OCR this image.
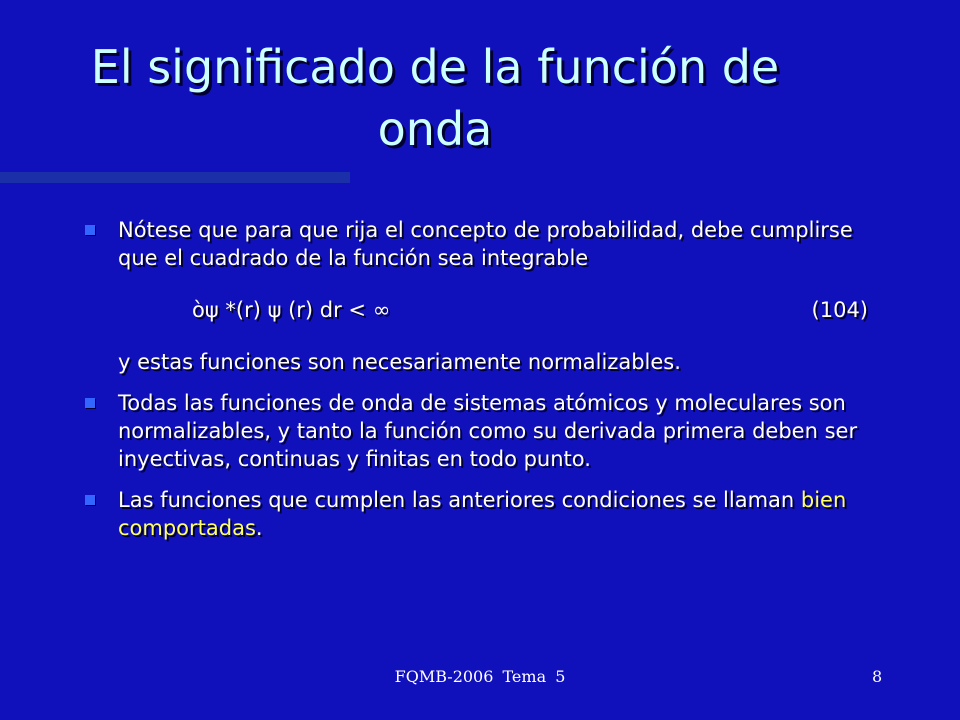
El significado de la función de
onda
Nótese que para que rija el concepto de probabilidad, debe cumplirse que el cuadrado de la función sea integrable
òψ *(r) ψ (r) dr < ∞	(104)
y estas funciones son necesariamente normalizables.
Todas las funciones de onda de sistemas atómicos y moleculares son normalizables, y tanto la función como su derivada primera deben ser inyectivas, continuas y finitas en todo punto.
Las funciones que cumplen las anteriores condiciones se llaman bien comportadas.
FQMB-2006 Tema 5	8
